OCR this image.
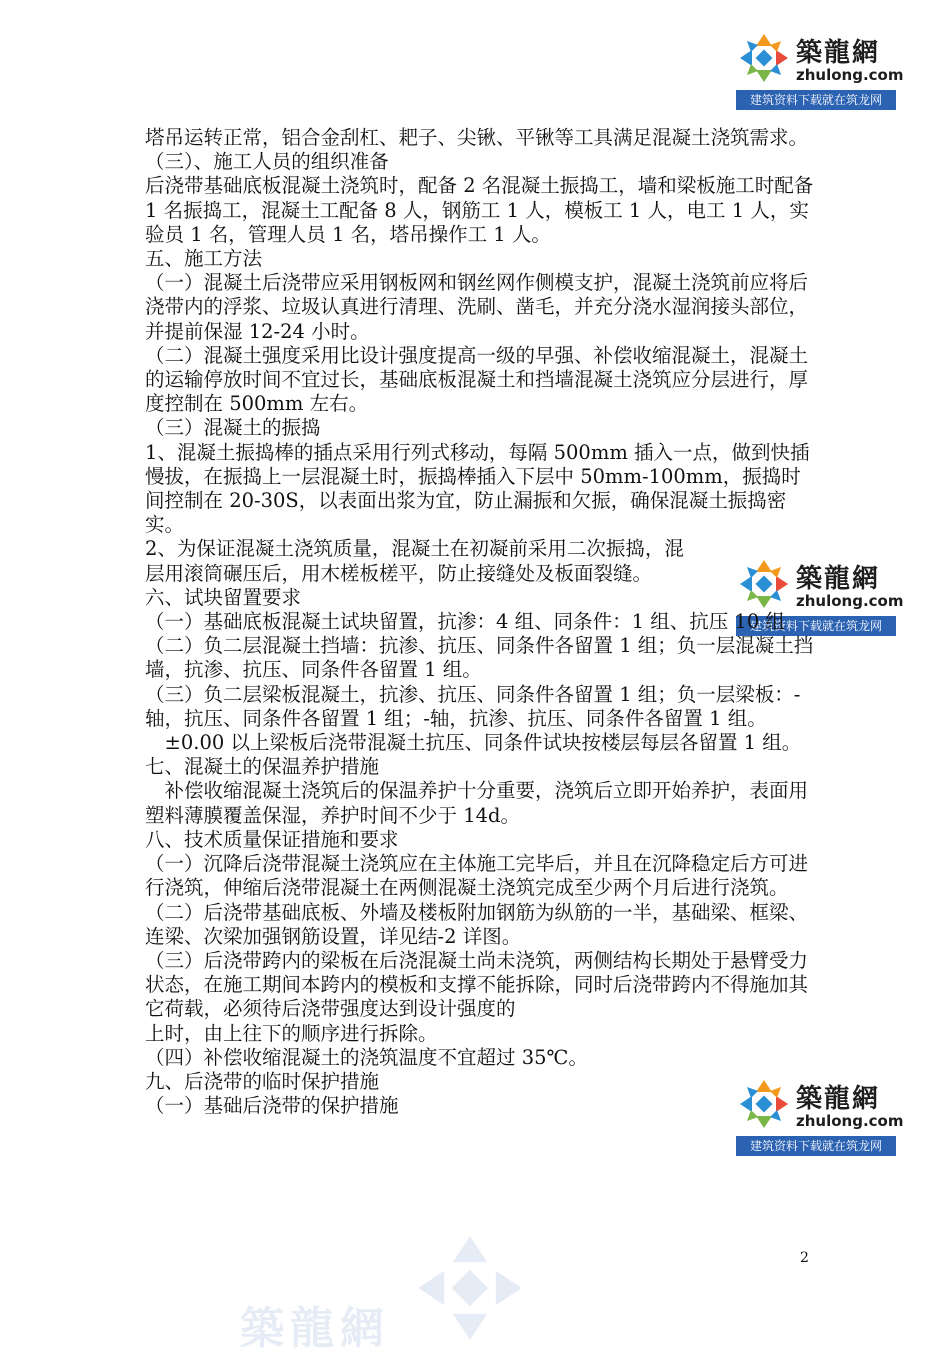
築龍網
zhulong.com
建筑资料下载就在筑龙网
築龍網
zhulong.com
建筑资料下载就在筑龙网
築龍網
zhulong.com
建筑资料下载就在筑龙网

塔吊运转正常，铝合金刮杠、耙子、尖锹、平锹等工具满足混凝土浇筑需求。

（三）、施工人员的组织准备

后浇带基础底板混凝土浇筑时，配备 2 名混凝土振捣工，墙和梁板施工时配备 1 名振捣工，混凝土工配备 8 人，钢筋工 1 人，模板工 1 人，电工 1 人，实验员 1 名，管理人员 1 名，塔吊操作工 1 人。

五、施工方法

（一）混凝土后浇带应采用钢板网和钢丝网作侧模支护，混凝土浇筑前应将后浇带内的浮浆、垃圾认真进行清理、洗刷、凿毛，并充分浇水湿润接头部位，并提前保湿 12-24 小时。

（二）混凝土强度采用比设计强度提高一级的早强、补偿收缩混凝土，混凝土的运输停放时间不宜过长，基础底板混凝土和挡墙混凝土浇筑应分层进行，厚度控制在 500mm 左右。

（三）混凝土的振捣

1、混凝土振捣棒的插点采用行列式移动，每隔 500mm 插入一点，做到快插慢拔，在振捣上一层混凝土时，振捣棒插入下层中 50mm-100mm，振捣时间控制在 20-30S，以表面出浆为宜，防止漏振和欠振，确保混凝土振捣密实。

2、为保证混凝土浇筑质量，混凝土在初凝前采用二次振捣，混

层用滚筒碾压后，用木槎板槎平，防止接缝处及板面裂缝。

六、试块留置要求

（一）基础底板混凝土试块留置，抗渗：4 组、同条件：1 组、抗压 10 组

（二）负二层混凝土挡墙：抗渗、抗压、同条件各留置 1 组；负一层混凝土挡墙，抗渗、抗压、同条件各留置 1 组。

（三）负二层梁板混凝土，抗渗、抗压、同条件各留置 1 组；负一层梁板：-轴，抗压、同条件各留置 1 组；-轴，抗渗、抗压、同条件各留置 1 组。

　±0.00 以上梁板后浇带混凝土抗压、同条件试块按楼层每层各留置 1 组。

七、混凝土的保温养护措施

　补偿收缩混凝土浇筑后的保温养护十分重要，浇筑后立即开始养护，表面用塑料薄膜覆盖保湿，养护时间不少于 14d。

八、技术质量保证措施和要求

（一）沉降后浇带混凝土浇筑应在主体施工完毕后，并且在沉降稳定后方可进行浇筑，伸缩后浇带混凝土在两侧混凝土浇筑完成至少两个月后进行浇筑。

（二）后浇带基础底板、外墙及楼板附加钢筋为纵筋的一半，基础梁、框梁、连梁、次梁加强钢筋设置，详见结-2 详图。

（三）后浇带跨内的梁板在后浇混凝土尚未浇筑，两侧结构长期处于悬臂受力状态，在施工期间本跨内的模板和支撑不能拆除，同时后浇带跨内不得施加其它荷载，必须待后浇带强度达到设计强度的

上时，由上往下的顺序进行拆除。

（四）补偿收缩混凝土的浇筑温度不宜超过 35℃。

九、后浇带的临时保护措施

（一）基础后浇带的保护措施

2
築龍網
